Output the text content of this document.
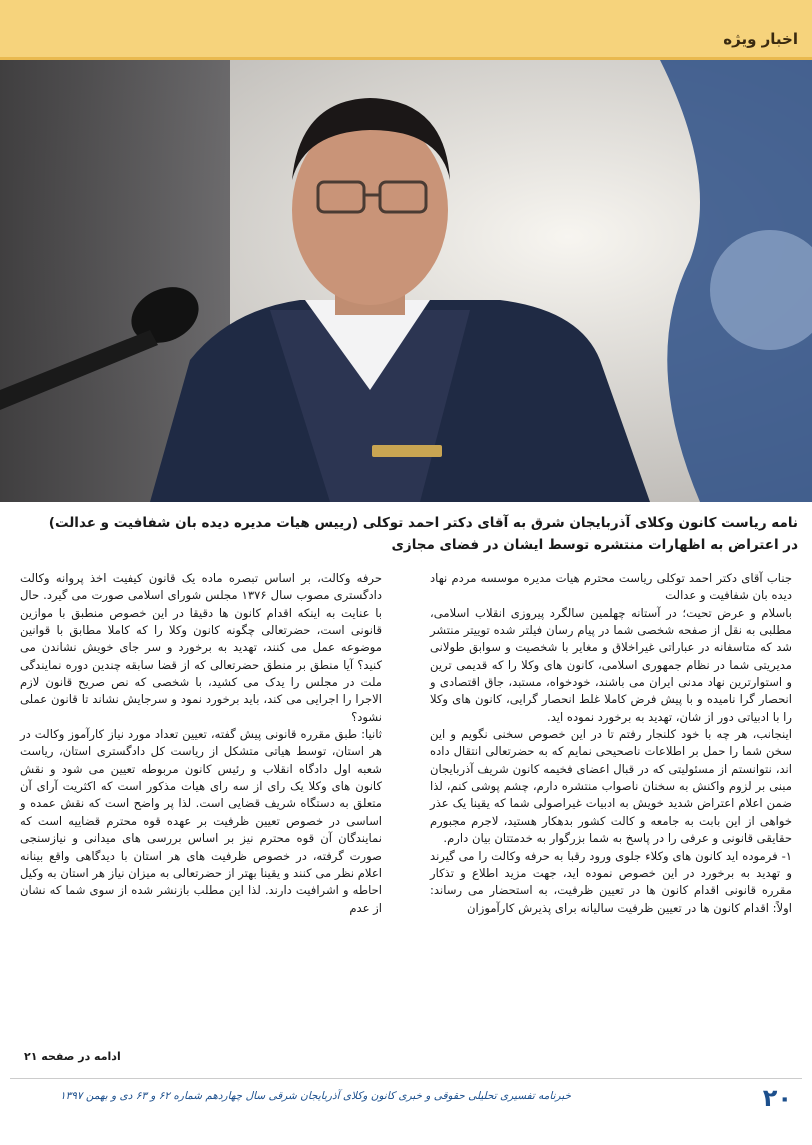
اخبار ویژه
نامه ریاست کانون وکلای آذربایجان شرق به آقای دکتر احمد توکلی (رییس هیات مدیره دیده بان شفافیت و عدالت)
در اعتراض به اظهارات منتشره توسط ایشان در فضای مجازی

جناب آقای دکتر احمد توکلی ریاست محترم هیات مدیره موسسه مردم نهاد دیده بان شفافیت و عدالت

باسلام و عرض تحیت؛ در آستانه چهلمین سالگرد پیروزی انقلاب اسلامی، مطلبی به نقل از صفحه شخصی شما در پیام رسان فیلتر شده توییتر منتشر شد که متاسفانه در عباراتی غیراخلاق و مغایر با شخصیت و سوابق طولانی مدیریتی شما در نظام جمهوری اسلامی، کانون های وکلا را که قدیمی ترین و استوارترین نهاد مدنی ایران می باشند، خودخواه، مستبد، جاق اقتصادی و انحصار گرا نامیده و با پیش فرض کاملا غلط انحصار گرایی، کانون های وکلا را با ادبیاتی دور از شان، تهدید به برخورد نموده اید.

اینجانب، هر چه با خود کلنجار رفتم تا در این خصوص سخنی نگویم و این سخن شما را حمل بر اطلاعات ناصحیحی نمایم که به حضرتعالی انتقال داده اند، نتوانستم از مسئولیتی که در قبال اعضای فخیمه کانون شریف آذربایجان مبنی بر لزوم واکنش به سخنان ناصواب منتشره دارم، چشم پوشی کنم، لذا ضمن اعلام اعتراض شدید خویش به ادبیات غیراصولی شما که یقینا یک عذر خواهی از این بابت به جامعه و کالت کشور بدهکار هستید، لاجرم مجبورم حقایقی قانونی و عرفی را در پاسخ به شما بزرگوار به خدمتتان بیان دارم.

۱- فرموده اید کانون های وکلاء جلوی ورود رقبا به حرفه وکالت را می گیرند و تهدید به برخورد در این خصوص نموده اید، جهت مزید اطلاع و تذکار مقرره قانونی اقدام کانون ها در تعیین ظرفیت، به استحضار می رساند: اولاً: اقدام کانون ها در تعیین ظرفیت سالیانه برای پذیرش کارآموزان

حرفه وکالت، بر اساس تبصره ماده یک قانون کیفیت اخذ پروانه وکالت دادگستری مصوب سال ۱۳۷۶ مجلس شورای اسلامی صورت می گیرد. حال با عنایت به اینکه اقدام کانون ها دقیقا در این خصوص منطبق با موازین قانونی است، حضرتعالی چگونه کانون وکلا را که کاملا مطابق با قوانین موضوعه عمل می کنند، تهدید به برخورد و سر جای خویش نشاندن می کنید؟ آیا منطق بر منطق حضرتعالی که از قضا سابقه چندین دوره نمایندگی ملت در مجلس را یدک می کشید، با شخصی که نص صریح قانون لازم الاجرا را اجرایی می کند، باید برخورد نمود و سرجایش نشاند تا قانون عملی نشود؟

ثانیا: طبق مقرره قانونی پیش گفته، تعیین تعداد مورد نیاز کارآموز وکالت در هر استان، توسط هیاتی متشکل از ریاست کل دادگستری استان، ریاست شعبه اول دادگاه انقلاب و رئیس کانون مربوطه تعیین می شود و نقش کانون های وکلا یک رای از سه رای هیات مذکور است که اکثریت آرای آن متعلق به دستگاه شریف قضایی است. لذا پر واضح است که نقش عمده و اساسی در خصوص تعیین ظرفیت بر عهده قوه محترم قضاییه است که نمایندگان آن قوه محترم نیز بر اساس بررسی های میدانی و نیازسنجی صورت گرفته، در خصوص ظرفیت های هر استان با دیدگاهی واقع بینانه اعلام نظر می کنند و یقینا بهتر از حضرتعالی به میزان نیاز هر استان به وکیل احاطه و اشرافیت دارند. لذا این مطلب بازنشر شده از سوی شما که نشان از عدم

ادامه در صفحه ۲۱
۲۰
خبرنامه تفسیری تحلیلی حقوقی و خبری کانون وکلای آذربایجان شرقی سال چهاردهم شماره ۶۲ و ۶۳ دی و بهمن ۱۳۹۷
